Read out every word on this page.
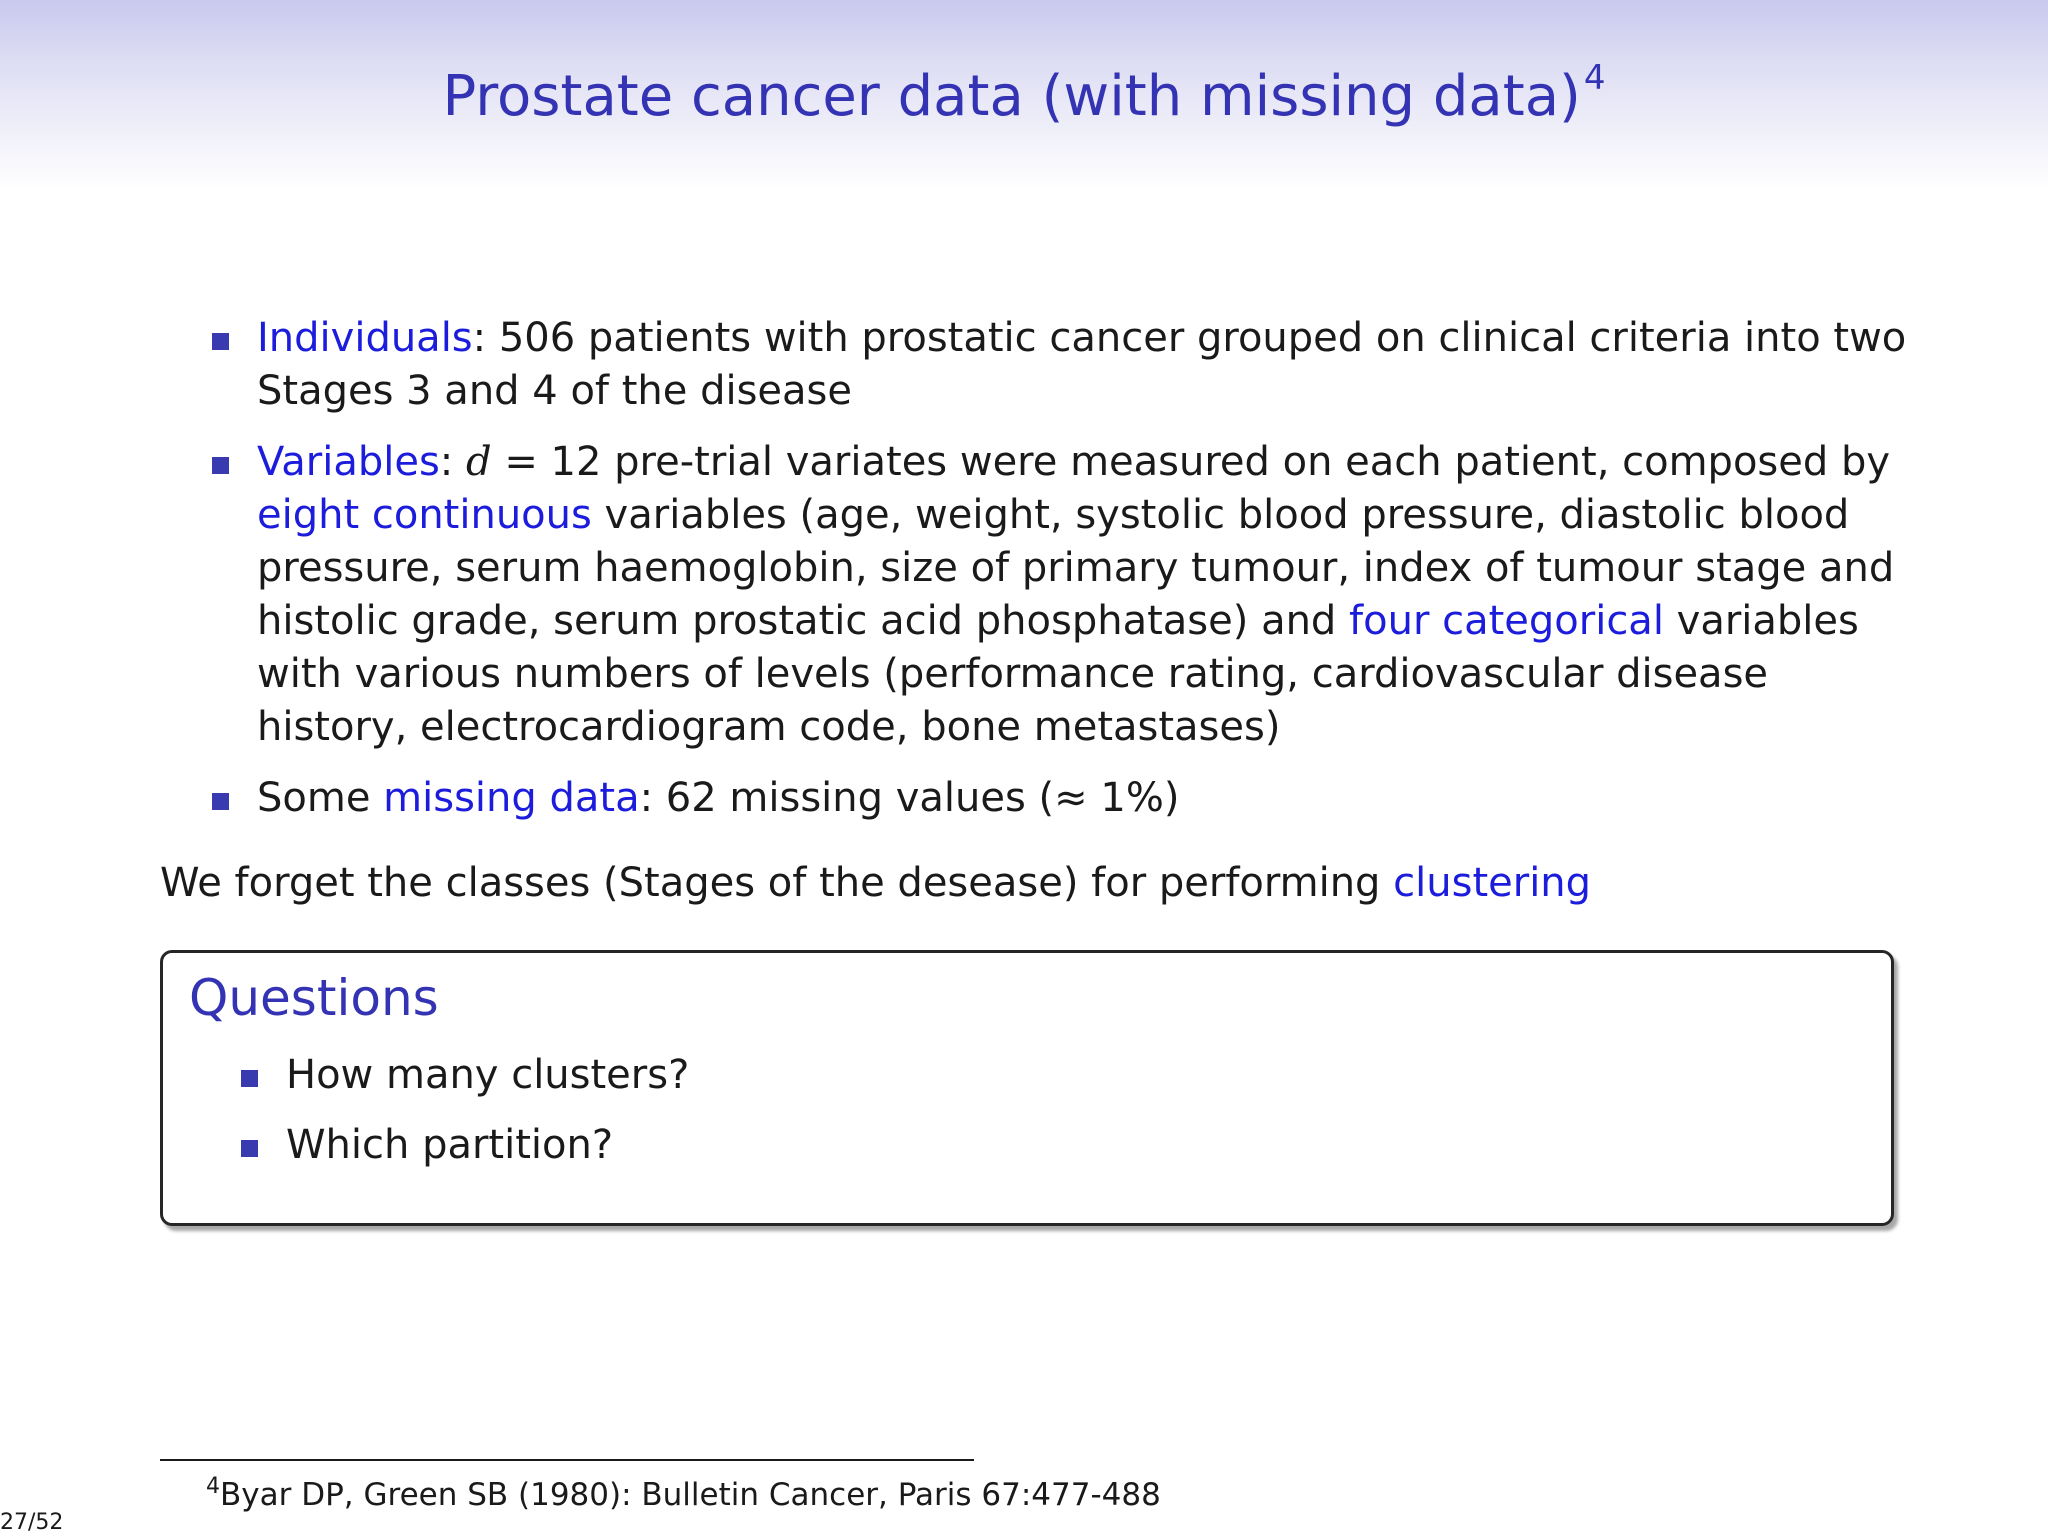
Prostate cancer data (with missing data)$^4$
Individuals: 506 patients with prostatic cancer grouped on clinical criteria into two Stages 3 and 4 of the disease
Variables: d = 12 pre-trial variates were measured on each patient, composed by eight continuous variables (age, weight, systolic blood pressure, diastolic blood pressure, serum haemoglobin, size of primary tumour, index of tumour stage and histolic grade, serum prostatic acid phosphatase) and four categorical variables with various numbers of levels (performance rating, cardiovascular disease history, electrocardiogram code, bone metastases)
Some missing data: 62 missing values (≈ 1%)
We forget the classes (Stages of the desease) for performing clustering
Questions
How many clusters?
Which partition?
$^4$Byar DP, Green SB (1980): Bulletin Cancer, Paris 67:477-488
27/52
